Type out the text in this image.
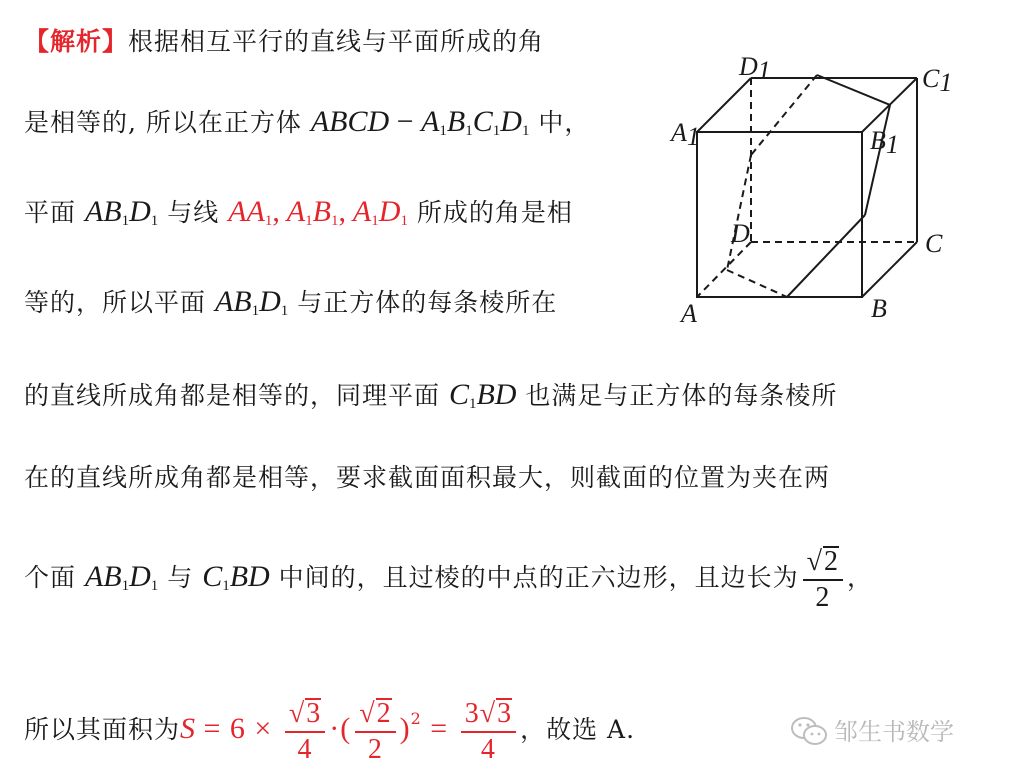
【解析】根据相互平行的直线与平面所成的角
是相等的, 所以在正方体 ABCD − $A_1B_1C_1D_1$ 中，
平面 $AB_1D_1$ 与线 $AA_1$, $A_1B_1$, $A_1D_1$ 所成的角是相
等的，所以平面 $AB_1D_1$ 与正方体的每条棱所在
的直线所成角都是相等的，同理平面 $C_1BD$ 也满足与正方体的每条棱所
在的直线所成角都是相等，要求截面面积最大，则截面的位置为夹在两
个面 $AB_1D_1$ 与 $C_1BD$ 中间的，且过棱的中点的正六边形，且边长为 $\frac{√2}{2}$ ，
所以其面积为$S = 6 \times \frac{√3}{4}$ ·( $\frac{√2}{2} )^2 = \frac{3√3}{4}$ ，故选 A.
D1	C1
A1	B1
D	C
A	B
邹生书数学
